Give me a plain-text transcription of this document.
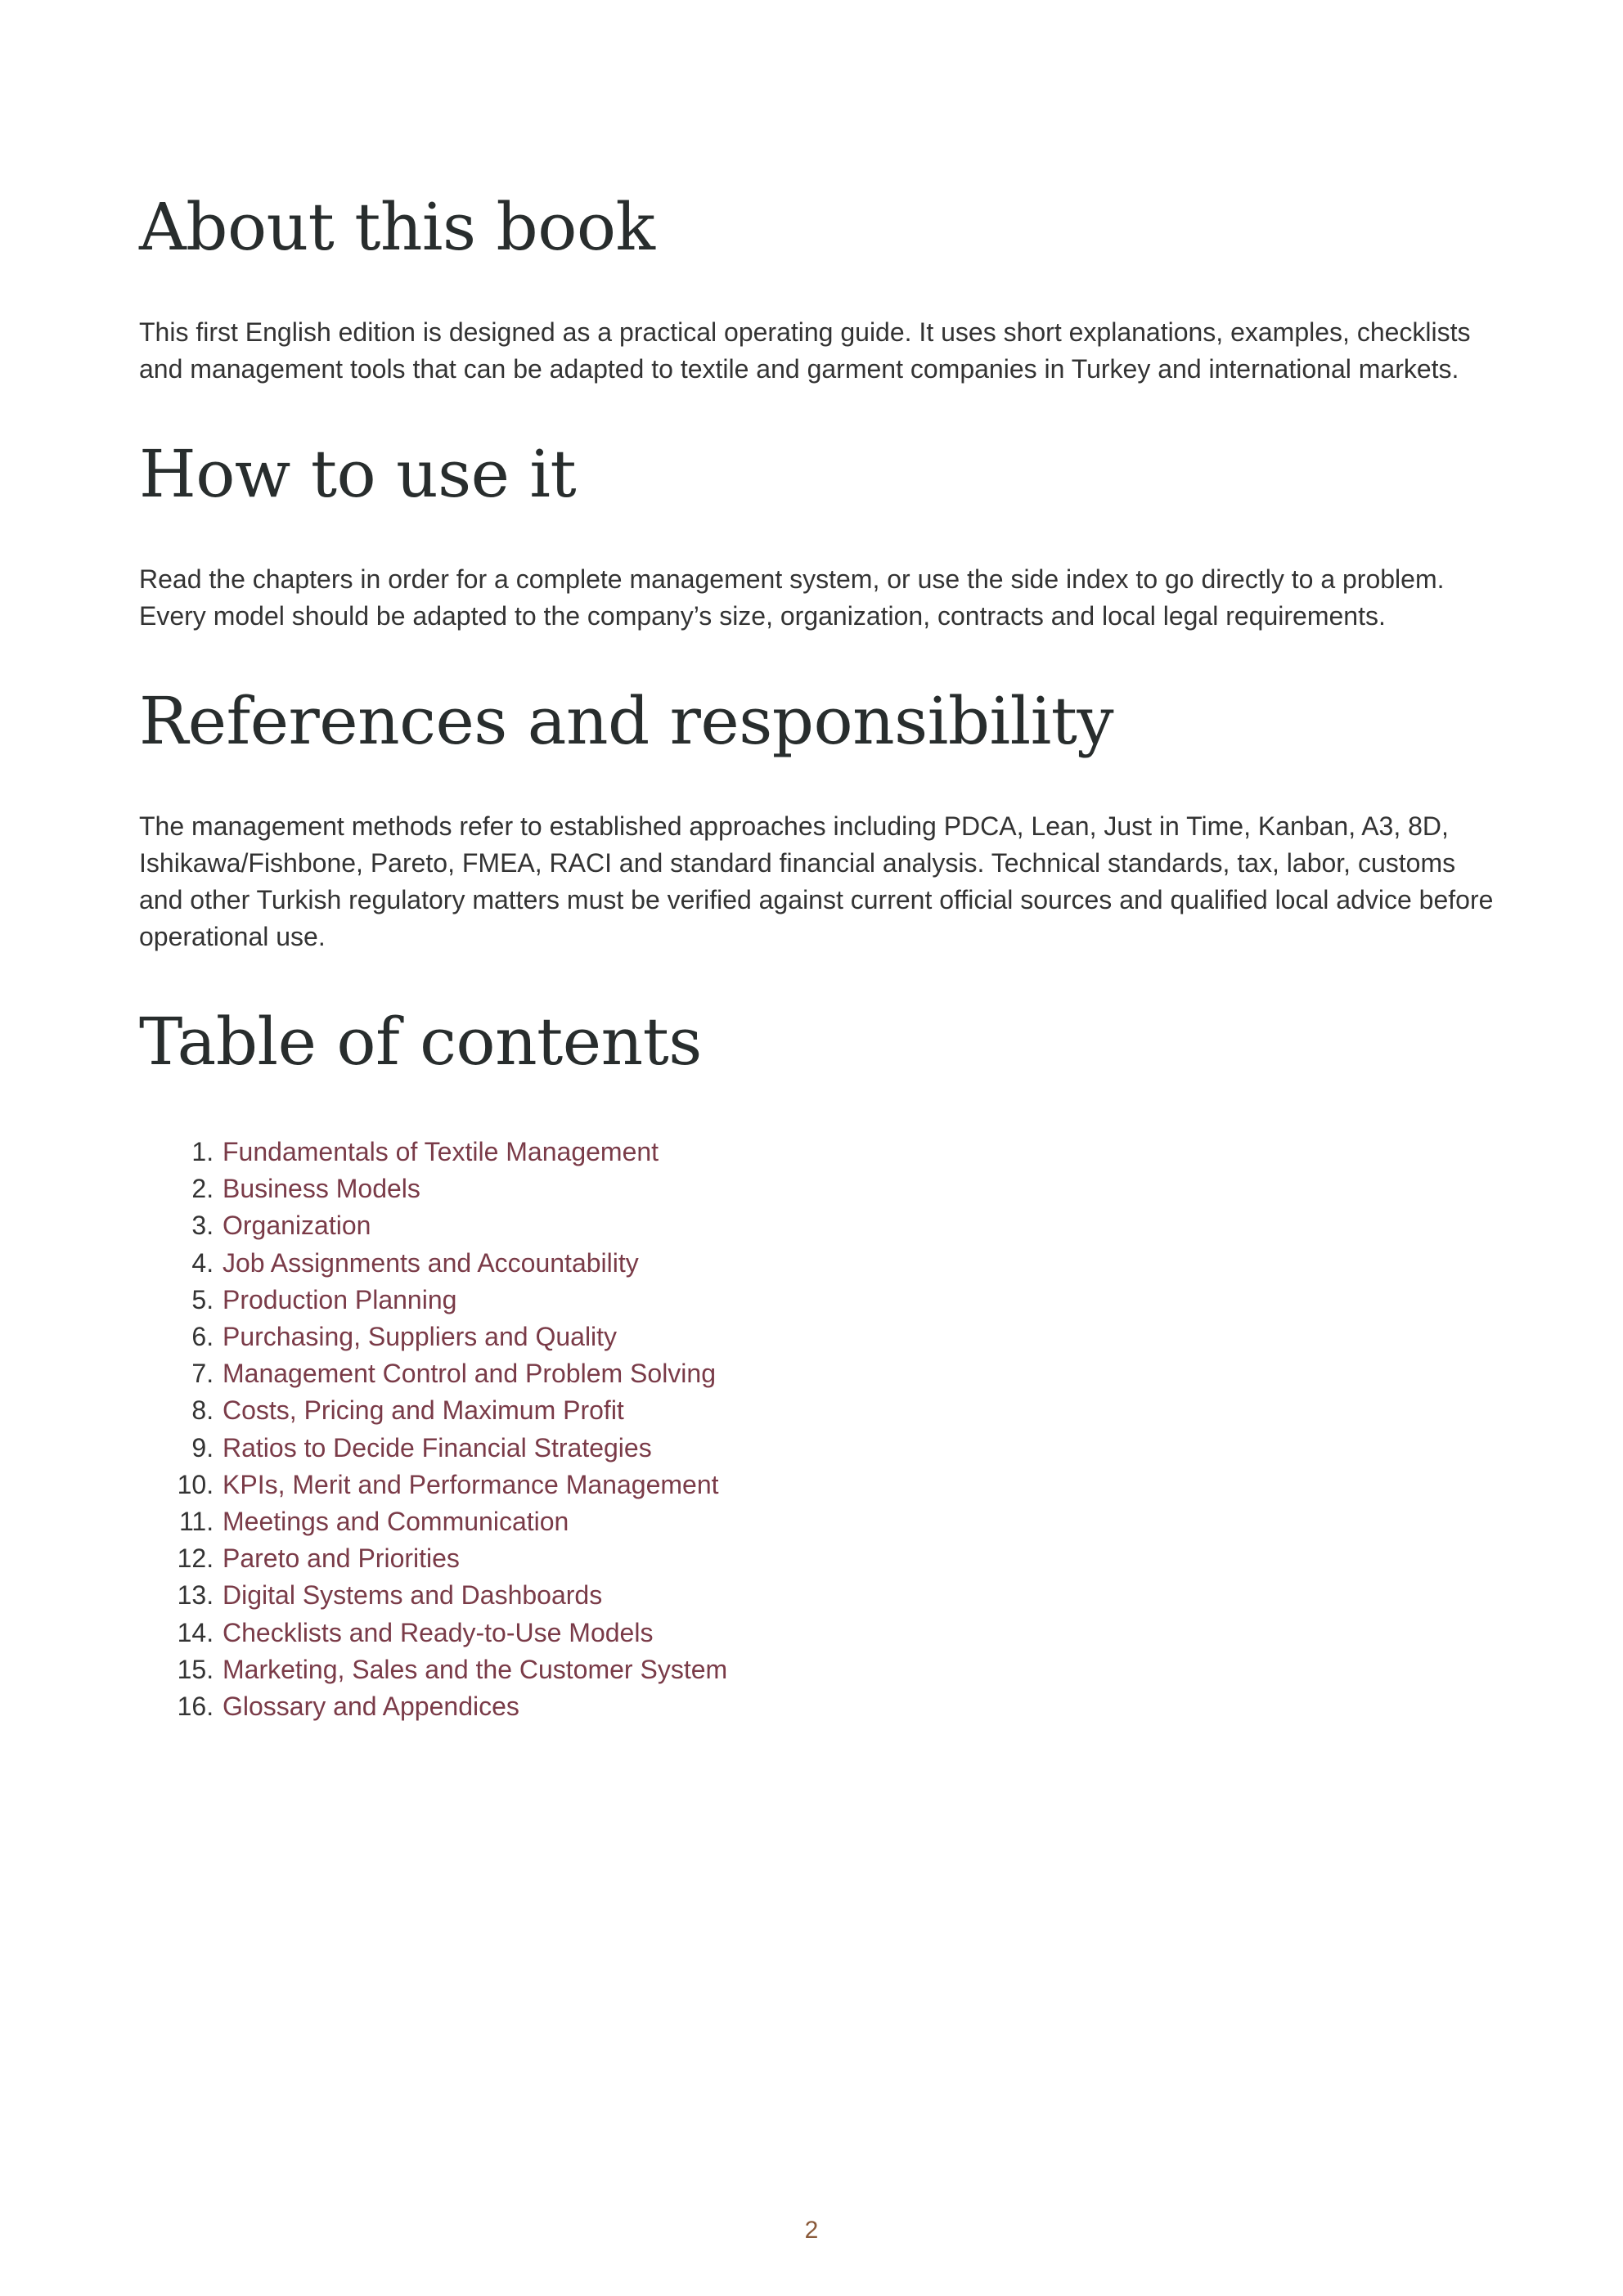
About this book

This first English edition is designed as a practical operating guide. It uses short explanations, examples, checklists and management tools that can be adapted to textile and garment companies in Turkey and international markets.

How to use it

Read the chapters in order for a complete management system, or use the side index to go directly to a problem. Every model should be adapted to the company’s size, organization, contracts and local legal requirements.

References and responsibility

The management methods refer to established approaches including PDCA, Lean, Just in Time, Kanban, A3, 8D, Ishikawa/Fishbone, Pareto, FMEA, RACI and standard financial analysis. Technical standards, tax, labor, customs and other Turkish regulatory matters must be verified against current official sources and qualified local advice before operational use.

Table of contents
1. Fundamentals of Textile Management
2. Business Models
3. Organization
4. Job Assignments and Accountability
5. Production Planning
6. Purchasing, Suppliers and Quality
7. Management Control and Problem Solving
8. Costs, Pricing and Maximum Profit
9. Ratios to Decide Financial Strategies
10. KPIs, Merit and Performance Management
11. Meetings and Communication
12. Pareto and Priorities
13. Digital Systems and Dashboards
14. Checklists and Ready-to-Use Models
15. Marketing, Sales and the Customer System
16. Glossary and Appendices
2
